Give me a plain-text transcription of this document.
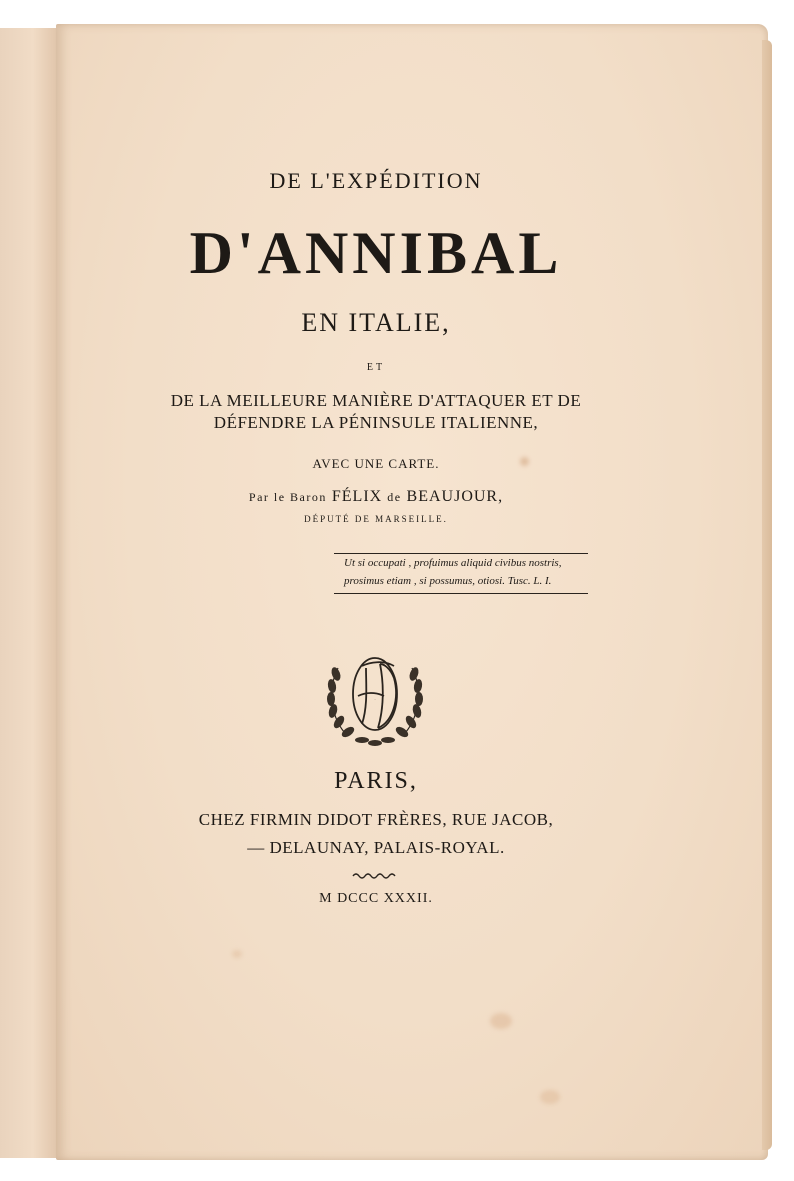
DE L'EXPÉDITION
D'ANNIBAL
EN ITALIE,
ET
DE LA MEILLEURE MANIÈRE D'ATTAQUER ET DE
DÉFENDRE LA PÉNINSULE ITALIENNE,
AVEC UNE CARTE.
Par le Baron FÉLIX de BEAUJOUR,
DÉPUTÉ DE MARSEILLE.
Ut si occupati , profuimus aliquid civibus nostris,
prosimus etiam , si possumus, otiosi. Tusc. L. I.
FD
PARIS,
CHEZ FIRMIN DIDOT FRÈRES, RUE JACOB,
— DELAUNAY, PALAIS-ROYAL.
M DCCC XXXII.
